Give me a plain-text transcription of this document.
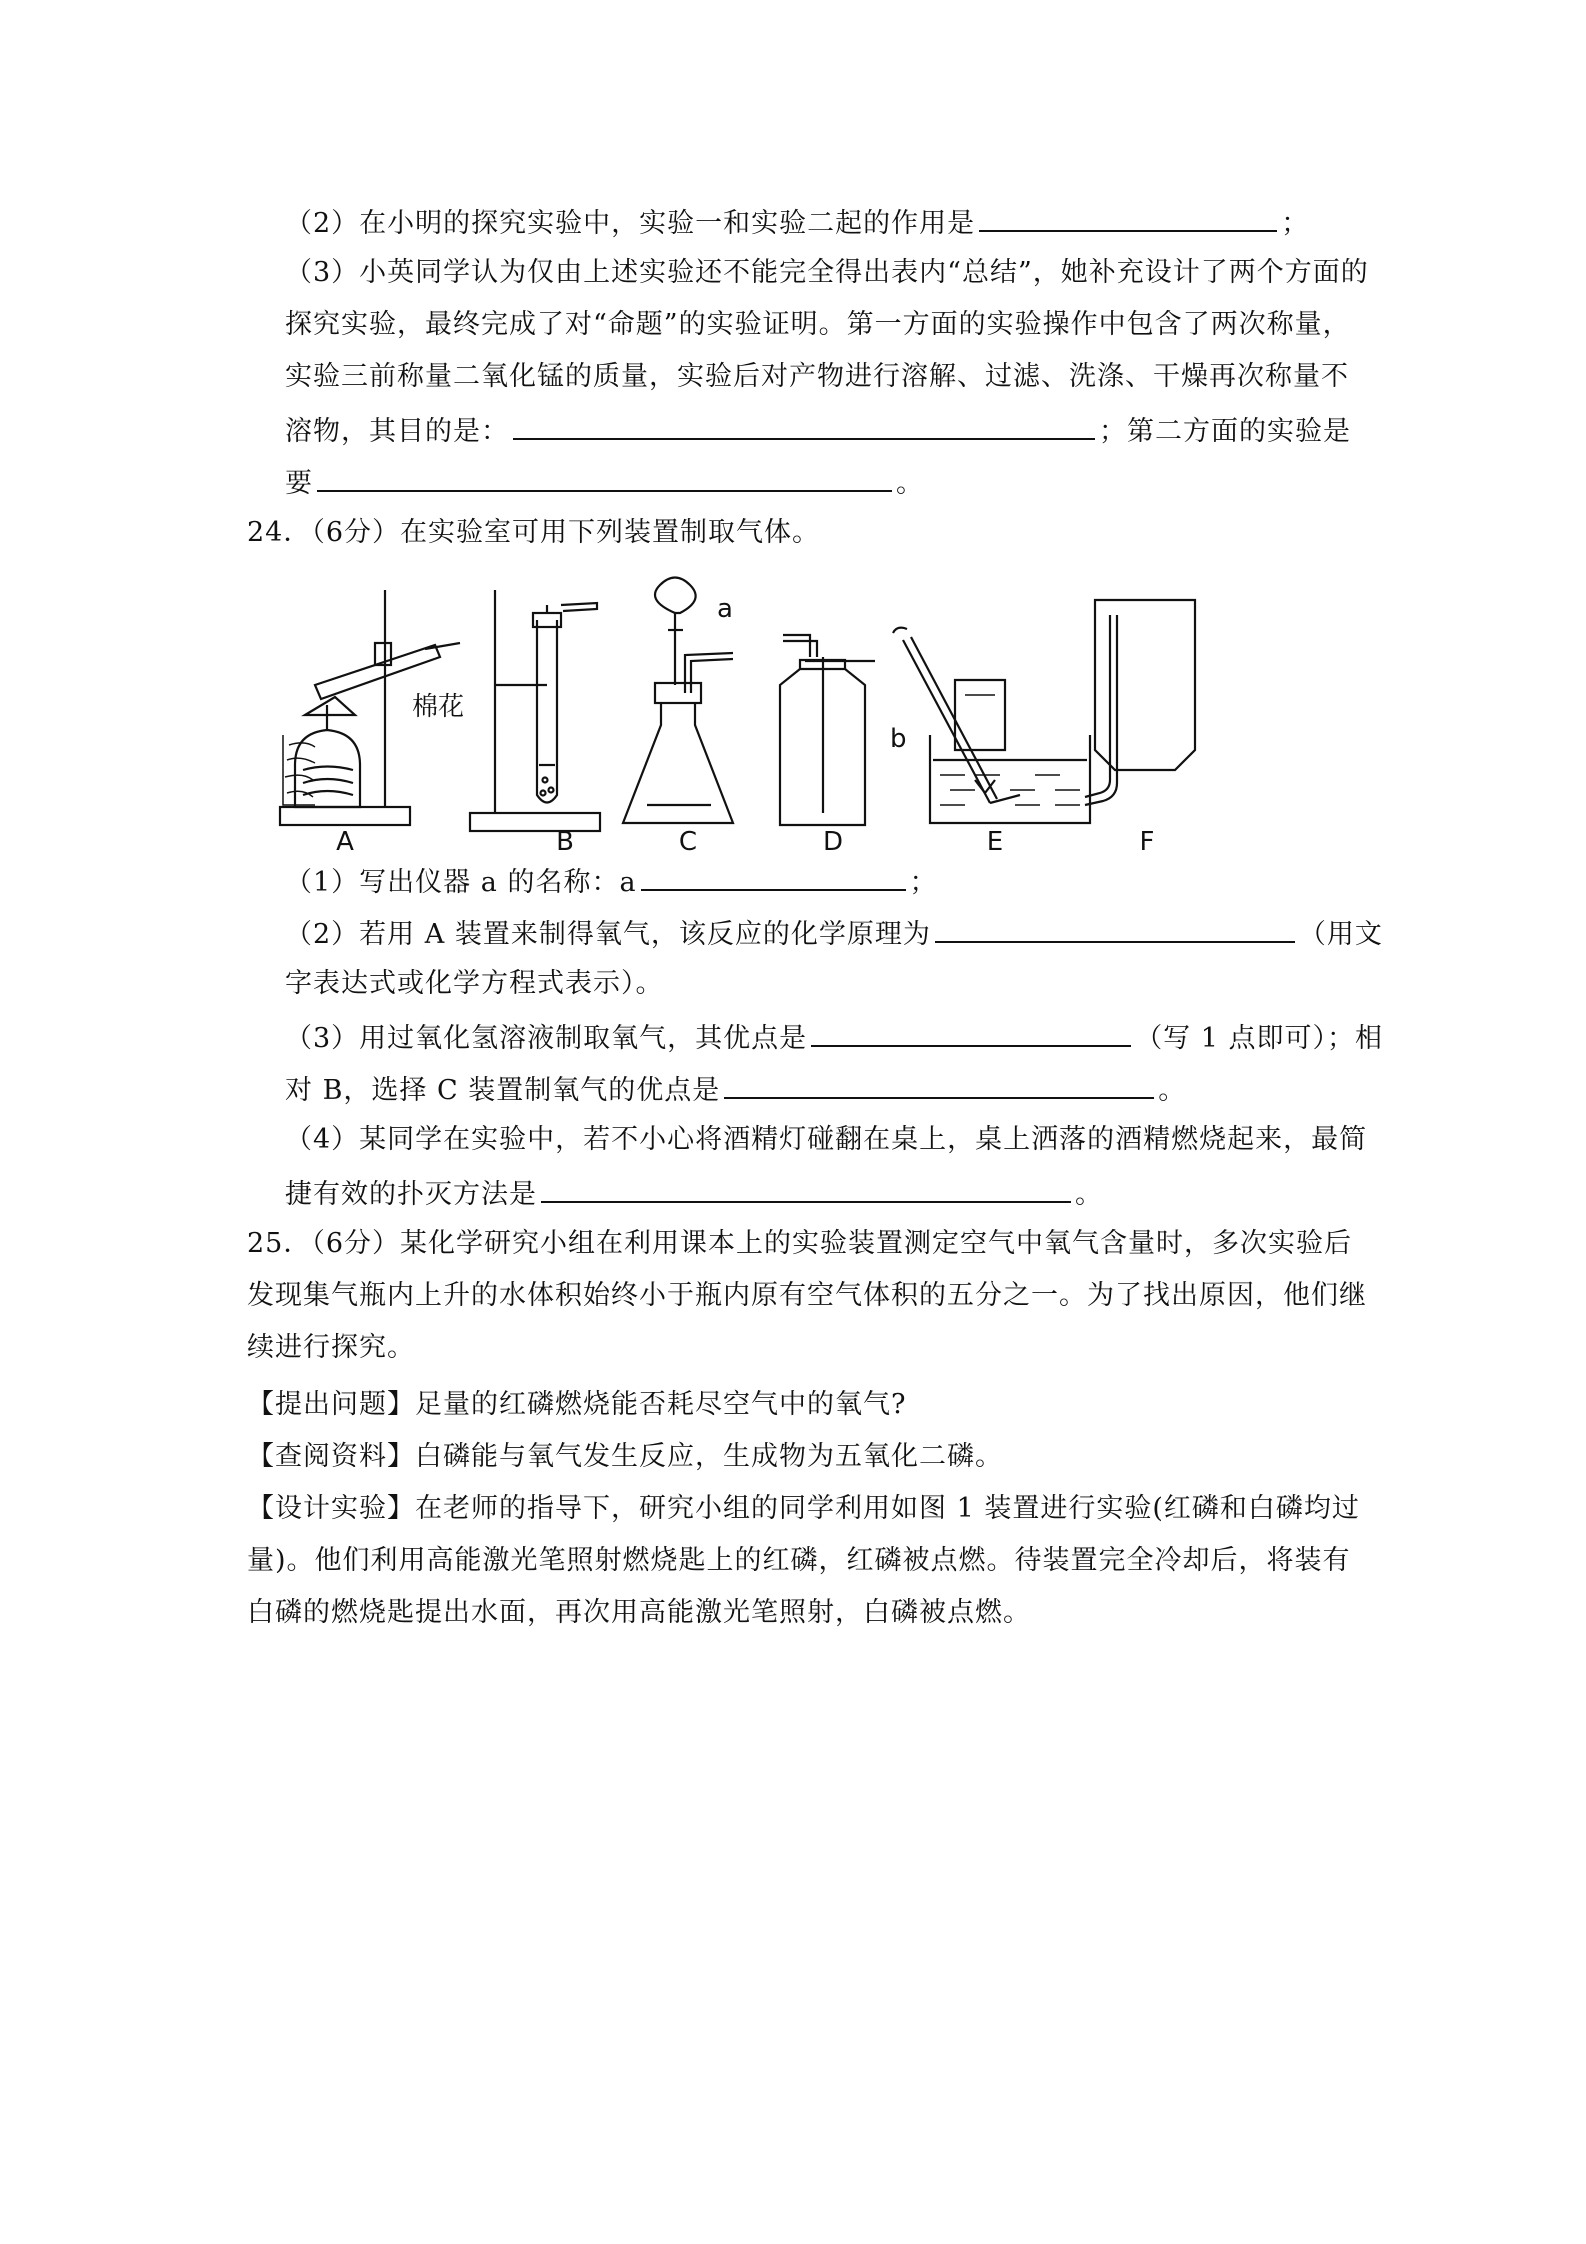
（2）在小明的探究实验中，实验一和实验二起的作用是	；
（3）小英同学认为仅由上述实验还不能完全得出表内“总结”，她补充设计了两个方面的
探究实验，最终完成了对“命题”的实验证明。第一方面的实验操作中包含了两次称量，
实验三前称量二氧化锰的质量，实验后对产物进行溶解、过滤、洗涤、干燥再次称量不
溶物，其目的是：	；第二方面的实验是
要	。
24．（6分）在实验室可用下列装置制取气体。
棉花
a
b
A	B	C	D	E	F
（1）写出仪器 a 的名称：a	；
（2）若用 A 装置来制得氧气，该反应的化学原理为	（用文
字表达式或化学方程式表示）。
（3）用过氧化氢溶液制取氧气，其优点是	（写 1 点即可）；相
对 B，选择 C 装置制氧气的优点是	。
（4）某同学在实验中，若不小心将酒精灯碰翻在桌上，桌上洒落的酒精燃烧起来，最简
捷有效的扑灭方法是	。
25．（6分）某化学研究小组在利用课本上的实验装置测定空气中氧气含量时，多次实验后
发现集气瓶内上升的水体积始终小于瓶内原有空气体积的五分之一。为了找出原因，他们继
续进行探究。
【提出问题】足量的红磷燃烧能否耗尽空气中的氧气?
【查阅资料】白磷能与氧气发生反应，生成物为五氧化二磷。
【设计实验】在老师的指导下，研究小组的同学利用如图 1 装置进行实验(红磷和白磷均过
量)。他们利用高能激光笔照射燃烧匙上的红磷，红磷被点燃。待装置完全冷却后，将装有
白磷的燃烧匙提出水面，再次用高能激光笔照射，白磷被点燃。
